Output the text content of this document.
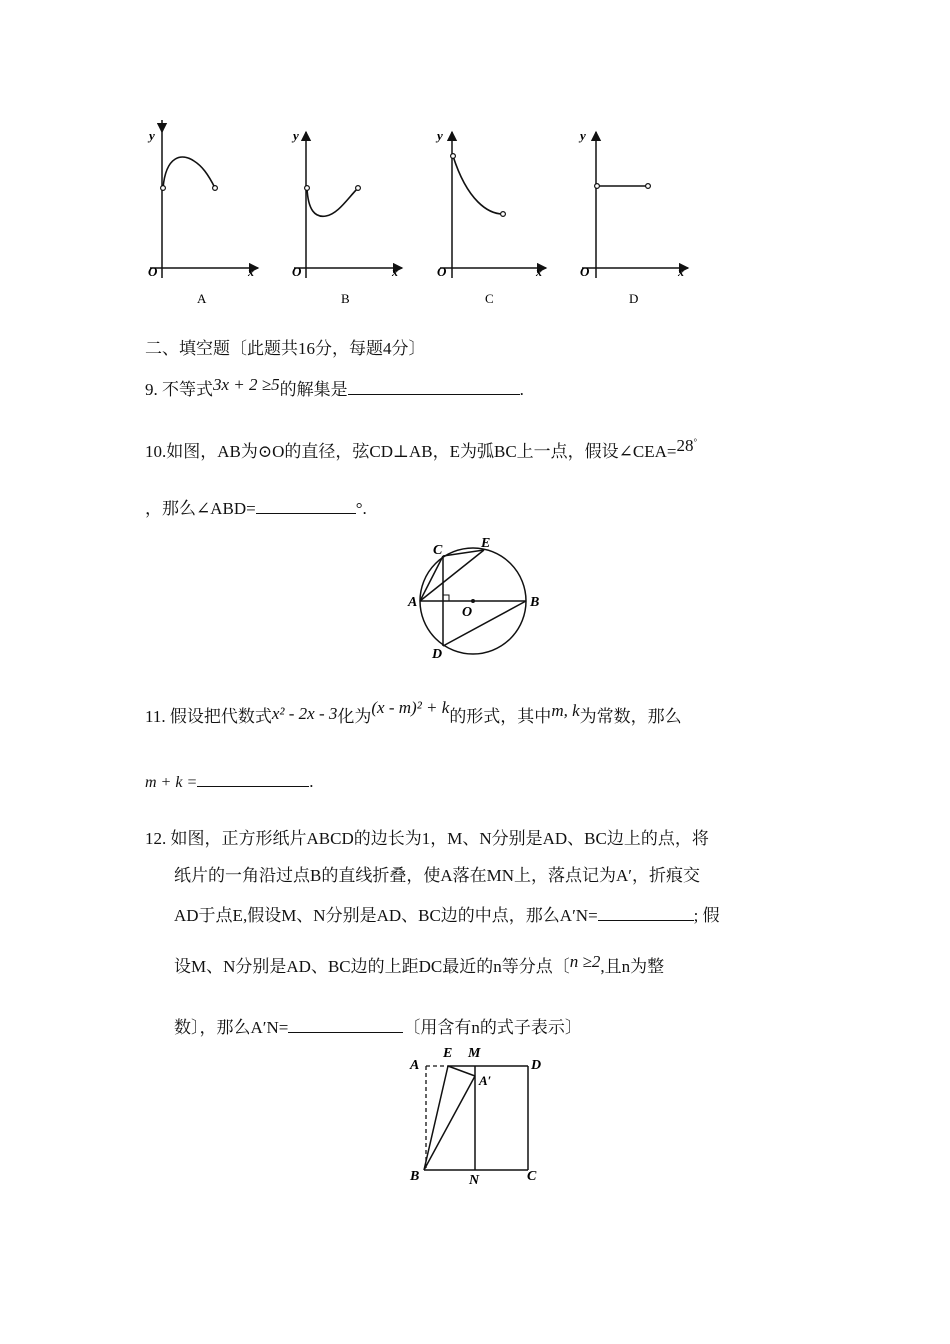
y
x
O
A
y
x
O
B
y
x
O
C
y
x
O
D
二、填空题〔此题共16分，每题4分〕
9. 不等式3x + 2 ≥5的解集是	.
10.如图，AB为⊙O的直径，弦CD⊥AB，E为弧BC上一点，假设∠CEA=28°
，那么∠ABD=	°.
C	E
A
O
B
D
11. 假设把代数式x² - 2x - 3化为(x - m)² + k的形式，其中m, k为常数，那么
m + k =	.
12. 如图，正方形纸片ABCD的边长为1，M、N分别是AD、BC边上的点，将
纸片的一角沿过点B的直线折叠，使A落在MN上，落点记为A′，折痕交
AD于点E,假设M、N分别是AD、BC边的中点，那么A′N=	; 假
设M、N分别是AD、BC边的上距DC最近的n等分点〔n ≥2,且n为整
数〕，那么A′N=	〔用含有n的式子表示〕
A
E M
D
A′
B	N	C
